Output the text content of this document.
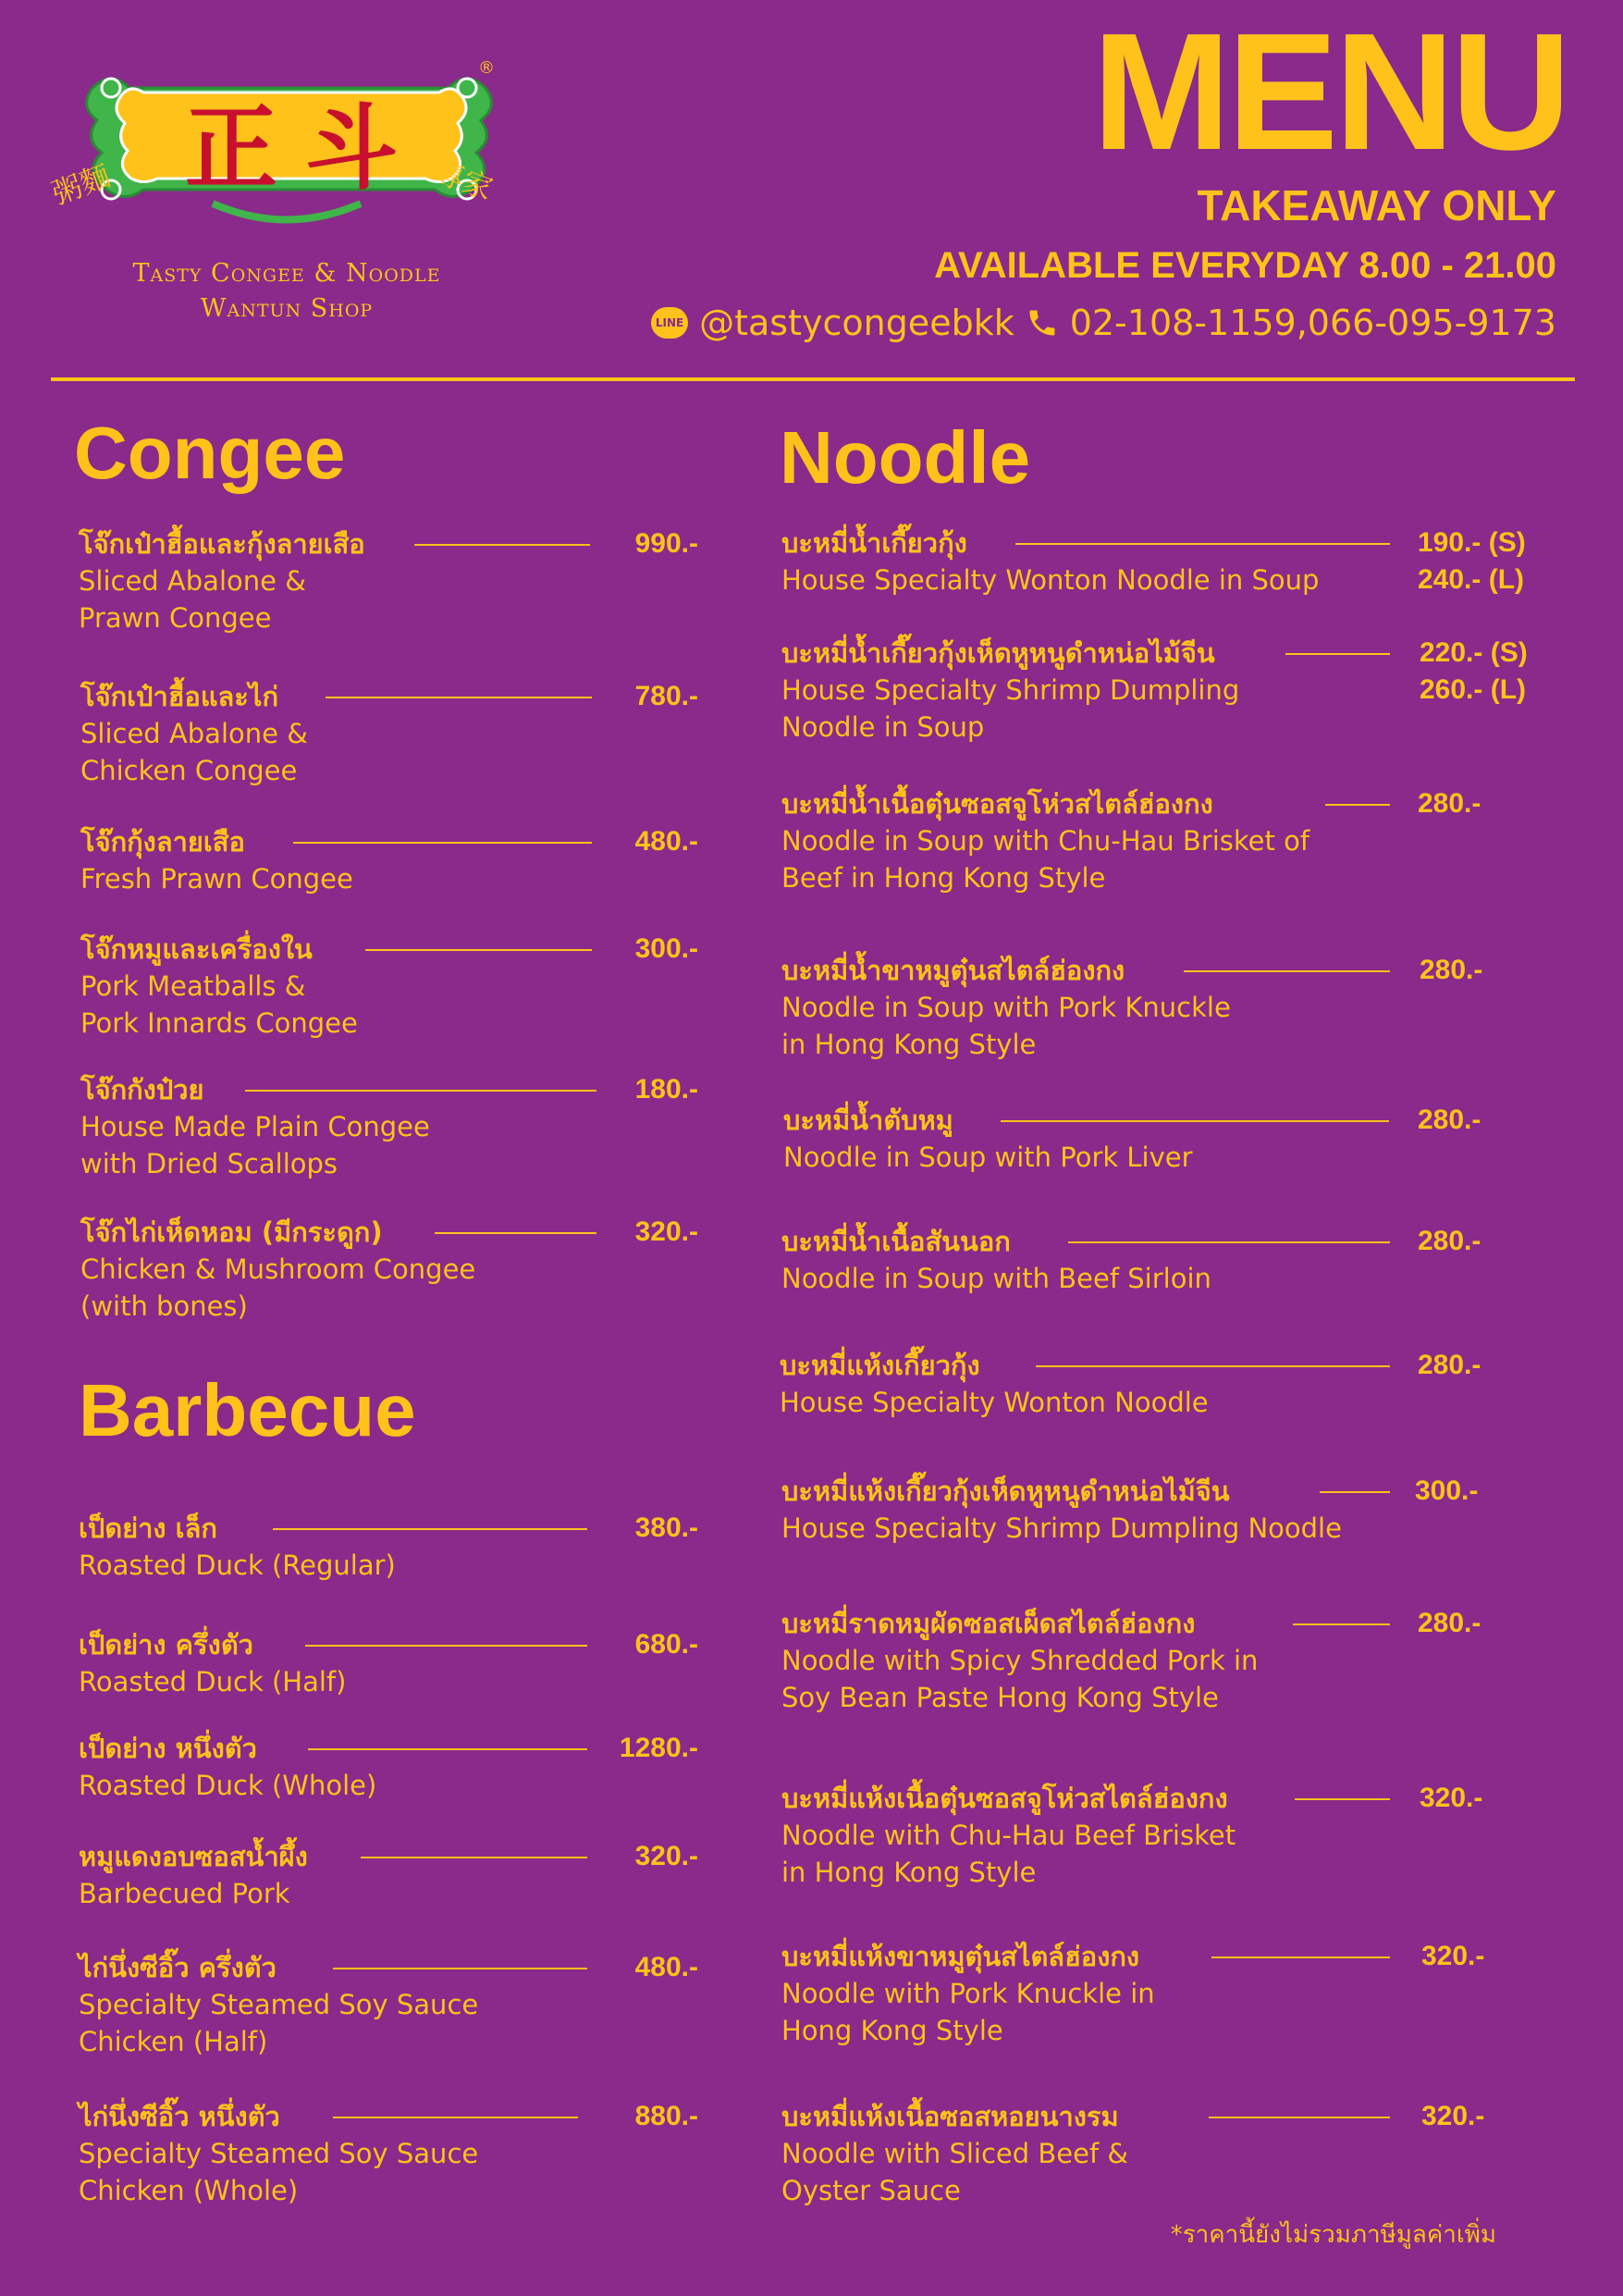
正斗
®
粥麵	專家
Tasty Congee & Noodle
Wantun Shop
MENU
TAKEAWAY ONLY
AVAILABLE EVERYDAY 8.00 - 21.00
LINE @tastycongeebkk 02-108-1159,066-095-9173
Congee
โจ๊กเป๋าฮื้อและกุ้งลายเสือ	990.-
Sliced Abalone &
Prawn Congee
โจ๊กเป๋าฮื้อและไก่	780.-
Sliced Abalone &
Chicken Congee
โจ๊กกุ้งลายเสือ	480.-
Fresh Prawn Congee
โจ๊กหมูและเครื่องใน	300.-
Pork Meatballs &
Pork Innards Congee
โจ๊กกังป๋วย	180.-
House Made Plain Congee
with Dried Scallops
โจ๊กไก่เห็ดหอม (มีกระดูก)	320.-
Chicken & Mushroom Congee
(with bones)
Barbecue
เป็ดย่าง เล็ก	380.-
Roasted Duck (Regular)
เป็ดย่าง ครึ่งตัว	680.-
Roasted Duck (Half)
เป็ดย่าง หนึ่งตัว	1280.-
Roasted Duck (Whole)
หมูแดงอบซอสน้ำผึ้ง	320.-
Barbecued Pork
ไก่นึ่งซีอิ๊ว ครึ่งตัว	480.-
Specialty Steamed Soy Sauce
Chicken (Half)
ไก่นึ่งซีอิ๊ว หนึ่งตัว	880.-
Specialty Steamed Soy Sauce
Chicken (Whole)
Noodle
บะหมี่น้ำเกี๊ยวกุ้ง	190.- (S)
240.- (L)
House Specialty Wonton Noodle in Soup
บะหมี่น้ำเกี๊ยวกุ้งเห็ดหูหนูดำหน่อไม้จีน	220.- (S)
260.- (L)
House Specialty Shrimp Dumpling
Noodle in Soup
บะหมี่น้ำเนื้อตุ๋นซอสจูโห่วสไตล์ฮ่องกง	280.-
Noodle in Soup with Chu-Hau Brisket of
Beef in Hong Kong Style
บะหมี่น้ำขาหมูตุ๋นสไตล์ฮ่องกง	280.-
Noodle in Soup with Pork Knuckle
in Hong Kong Style
บะหมี่น้ำตับหมู	280.-
Noodle in Soup with Pork Liver
บะหมี่น้ำเนื้อสันนอก	280.-
Noodle in Soup with Beef Sirloin
บะหมี่แห้งเกี๊ยวกุ้ง	280.-
House Specialty Wonton Noodle
บะหมี่แห้งเกี๊ยวกุ้งเห็ดหูหนูดำหน่อไม้จีน	300.-
House Specialty Shrimp Dumpling Noodle
บะหมี่ราดหมูผัดซอสเผ็ดสไตล์ฮ่องกง	280.-
Noodle with Spicy Shredded Pork in
Soy Bean Paste Hong Kong Style
บะหมี่แห้งเนื้อตุ๋นซอสจูโห่วสไตล์ฮ่องกง	320.-
Noodle with Chu-Hau Beef Brisket
in Hong Kong Style
บะหมี่แห้งขาหมูตุ๋นสไตล์ฮ่องกง	320.-
Noodle with Pork Knuckle in
Hong Kong Style
บะหมี่แห้งเนื้อซอสหอยนางรม	320.-
Noodle with Sliced Beef &
Oyster Sauce
*ราคานี้ยังไม่รวมภาษีมูลค่าเพิ่ม
